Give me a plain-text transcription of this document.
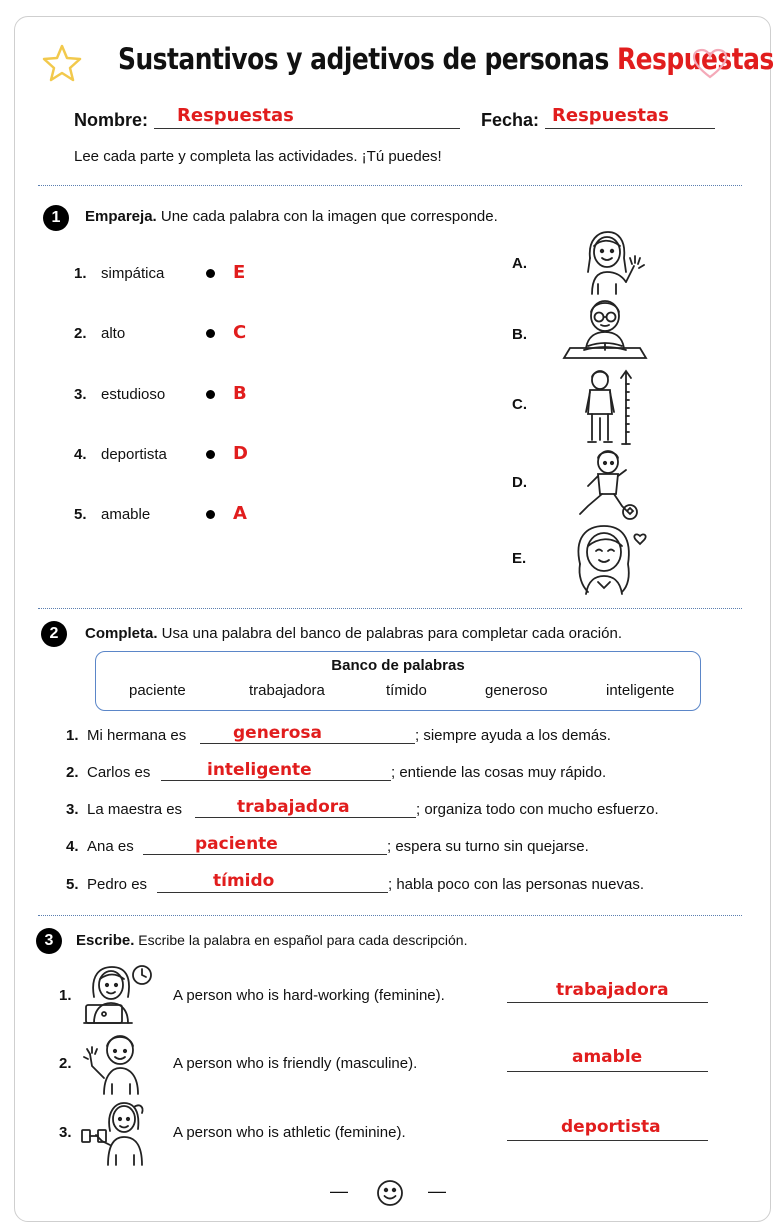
Sustantivos y adjetivos de personas Respuestas
Nombre: Respuestas	Fecha: Respuestas
Lee cada parte y completa las actividades. ¡Tú puedes!
1	Empareja. Une cada palabra con la imagen que corresponde.
1. simpática	E
2. alto	C
3. estudioso	B
4. deportista	D
5. amable	A
A.
B.
C.
D.
E.
2	Completa. Usa una palabra del banco de palabras para completar cada oración.
Banco de palabras
paciente	trabajadora	tímido	generoso	inteligente
1. Mi hermana es	generosa	; siempre ayuda a los demás.
2. Carlos es	inteligente	; entiende las cosas muy rápido.
3. La maestra es	trabajadora	; organiza todo con mucho esfuerzo.
4. Ana es	paciente	; espera su turno sin quejarse.
5. Pedro es	tímido	; habla poco con las personas nuevas.
3	Escribe. Escribe la palabra en español para cada descripción.
1.	A person who is hard-working (feminine).	trabajadora
2.	A person who is friendly (masculine).	amable
3.	A person who is athletic (feminine).	deportista
—	—
